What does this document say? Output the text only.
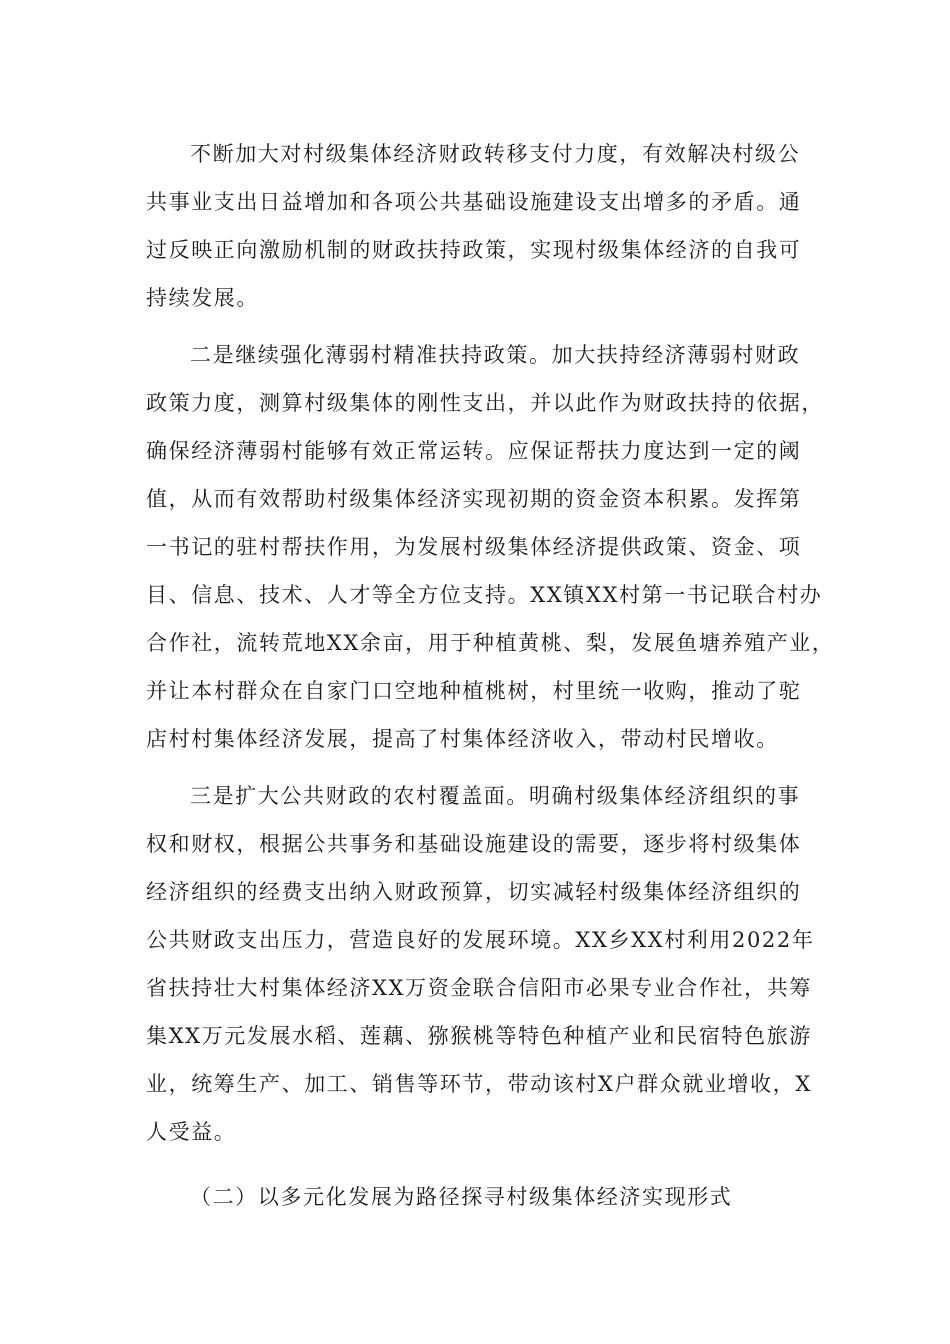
不断加大对村级集体经济财政转移支付力度，有效解决村级公
共事业支出日益增加和各项公共基础设施建设支出增多的矛盾。通
过反映正向激励机制的财政扶持政策，实现村级集体经济的自我可
持续发展。
二是继续强化薄弱村精准扶持政策。加大扶持经济薄弱村财政
政策力度，测算村级集体的刚性支出，并以此作为财政扶持的依据，
确保经济薄弱村能够有效正常运转。应保证帮扶力度达到一定的阈
值，从而有效帮助村级集体经济实现初期的资金资本积累。发挥第
一书记的驻村帮扶作用，为发展村级集体经济提供政策、资金、项
目、信息、技术、人才等全方位支持。XX镇XX村第一书记联合村办
合作社，流转荒地XX余亩，用于种植黄桃、梨，发展鱼塘养殖产业，
并让本村群众在自家门口空地种植桃树，村里统一收购，推动了驼
店村村集体经济发展，提高了村集体经济收入，带动村民增收。
三是扩大公共财政的农村覆盖面。明确村级集体经济组织的事
权和财权，根据公共事务和基础设施建设的需要，逐步将村级集体
经济组织的经费支出纳入财政预算，切实减轻村级集体经济组织的
公共财政支出压力，营造良好的发展环境。XX乡XX村利用2022年
省扶持壮大村集体经济XX万资金联合信阳市必果专业合作社，共筹
集XX万元发展水稻、莲藕、猕猴桃等特色种植产业和民宿特色旅游
业，统筹生产、加工、销售等环节，带动该村X户群众就业增收，X
人受益。
（二）以多元化发展为路径探寻村级集体经济实现形式
